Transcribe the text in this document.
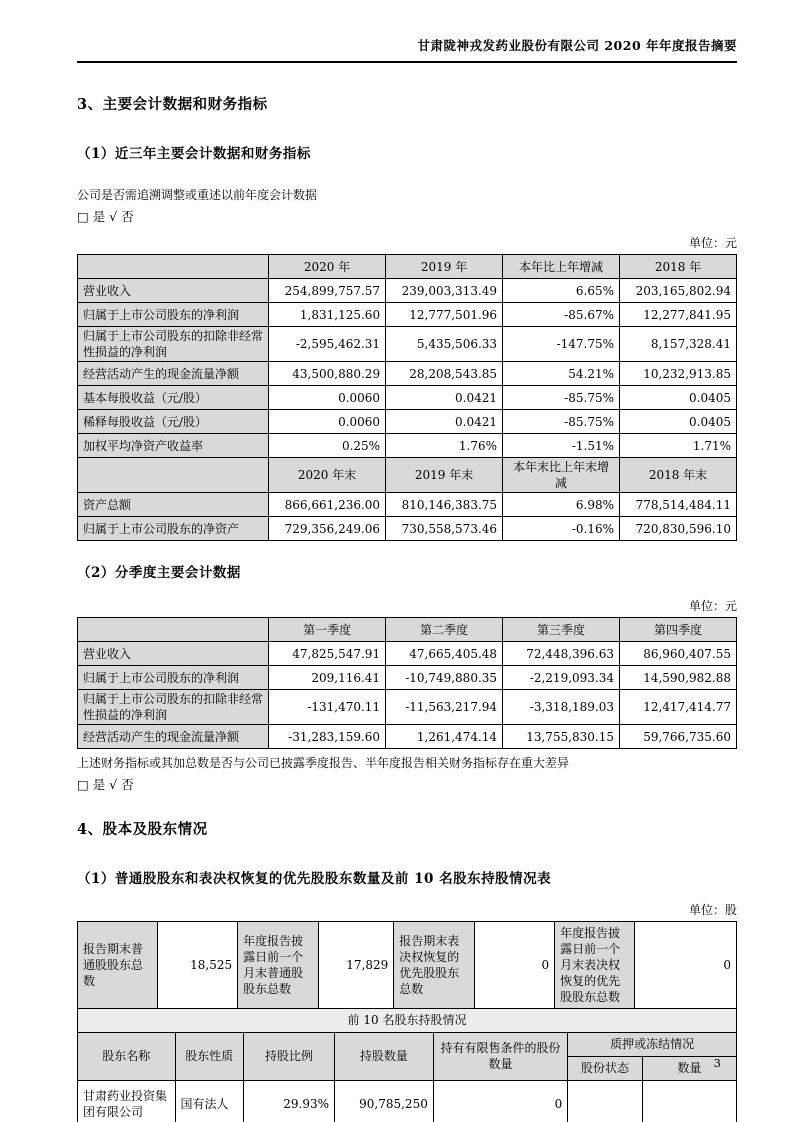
甘肃陇神戎发药业股份有限公司 2020 年年度报告摘要
3、主要会计数据和财务指标
（1）近三年主要会计数据和财务指标
公司是否需追溯调整或重述以前年度会计数据
□ 是 √ 否
单位：元
	2020 年	2019 年	本年比上年增减	2018 年
营业收入	254,899,757.57	239,003,313.49	6.65%	203,165,802.94
归属于上市公司股东的净利润	1,831,125.60	12,777,501.96	-85.67%	12,277,841.95
归属于上市公司股东的扣除非经常性损益的净利润	-2,595,462.31	5,435,506.33	-147.75%	8,157,328.41
经营活动产生的现金流量净额	43,500,880.29	28,208,543.85	54.21%	10,232,913.85
基本每股收益（元/股）	0.0060	0.0421	-85.75%	0.0405
稀释每股收益（元/股）	0.0060	0.0421	-85.75%	0.0405
加权平均净资产收益率	0.25%	1.76%	-1.51%	1.71%
	2020 年末	2019 年末	本年末比上年末增减	2018 年末
资产总额	866,661,236.00	810,146,383.75	6.98%	778,514,484.11
归属于上市公司股东的净资产	729,356,249.06	730,558,573.46	-0.16%	720,830,596.10
（2）分季度主要会计数据
单位：元
	第一季度	第二季度	第三季度	第四季度
营业收入	47,825,547.91	47,665,405.48	72,448,396.63	86,960,407.55
归属于上市公司股东的净利润	209,116.41	-10,749,880.35	-2,219,093.34	14,590,982.88
归属于上市公司股东的扣除非经常性损益的净利润	-131,470.11	-11,563,217.94	-3,318,189.03	12,417,414.77
经营活动产生的现金流量净额	-31,283,159.60	1,261,474.14	13,755,830.15	59,766,735.60
上述财务指标或其加总数是否与公司已披露季度报告、半年度报告相关财务指标存在重大差异
□ 是 √ 否
4、股本及股东情况
（1）普通股股东和表决权恢复的优先股股东数量及前 10 名股东持股情况表
单位：股
报告期末普通股股东总数	18,525	年度报告披露日前一个月末普通股股东总数	17,829	报告期末表决权恢复的优先股股东总数	0	年度报告披露日前一个月末表决权恢复的优先股股东总数	0
前 10 名股东持股情况						
股东名称	股东性质	持股比例	持股数量	持有有限售条件的股份数量	质押或冻结情况	
					股份状态	数量
甘肃药业投资集团有限公司	国有法人	29.93%	90,785,250	0		
3
